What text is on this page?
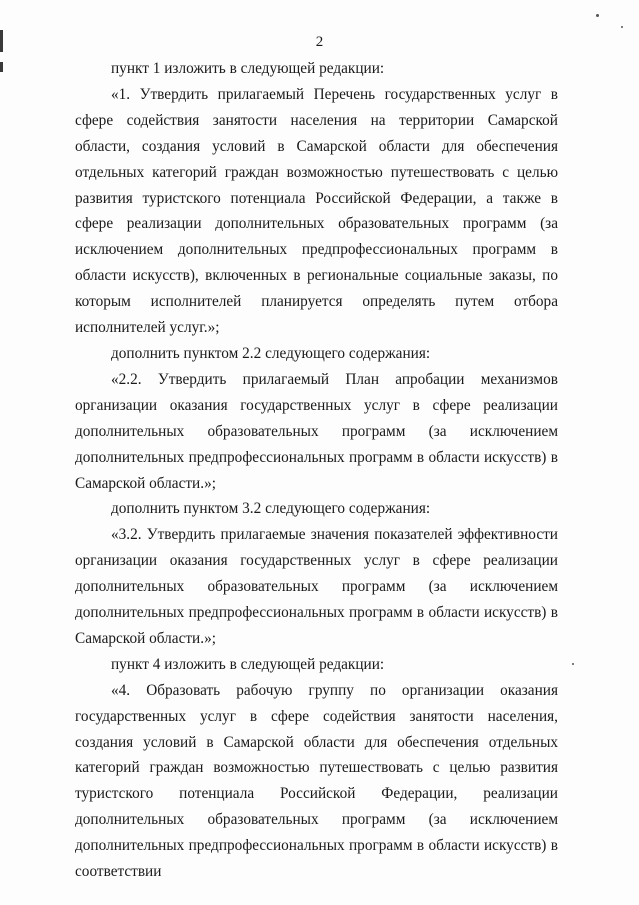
2

пункт 1 изложить в следующей редакции:

«1. Утвердить прилагаемый Перечень государственных услуг в сфере содействия занятости населения на территории Самарской области, создания условий в Самарской области для обеспечения отдельных категорий граждан возможностью путешествовать с целью развития туристского потенциала Российской Федерации, а также в сфере реализации дополнительных образовательных программ (за исключением дополнительных предпрофессиональных программ в области искусств), включенных в региональные социальные заказы, по которым исполнителей планируется определять путем отбора исполнителей услуг.»;

дополнить пунктом 2.2 следующего содержания:

«2.2. Утвердить прилагаемый План апробации механизмов организации оказания государственных услуг в сфере реализации дополнительных образовательных программ (за исключением дополнительных предпрофессиональных программ в области искусств) в Самарской области.»;

дополнить пунктом 3.2 следующего содержания:

«3.2. Утвердить прилагаемые значения показателей эффективности организации оказания государственных услуг в сфере реализации дополнительных образовательных программ (за исключением дополнительных предпрофессиональных программ в области искусств) в Самарской области.»;

пункт 4 изложить в следующей редакции:

«4. Образовать рабочую группу по организации оказания государственных услуг в сфере содействия занятости населения, создания условий в Самарской области для обеспечения отдельных категорий граждан возможностью путешествовать с целью развития туристского потенциала Российской Федерации, реализации дополнительных образовательных программ (за исключением дополнительных предпрофессиональных программ в области искусств) в соответствии
